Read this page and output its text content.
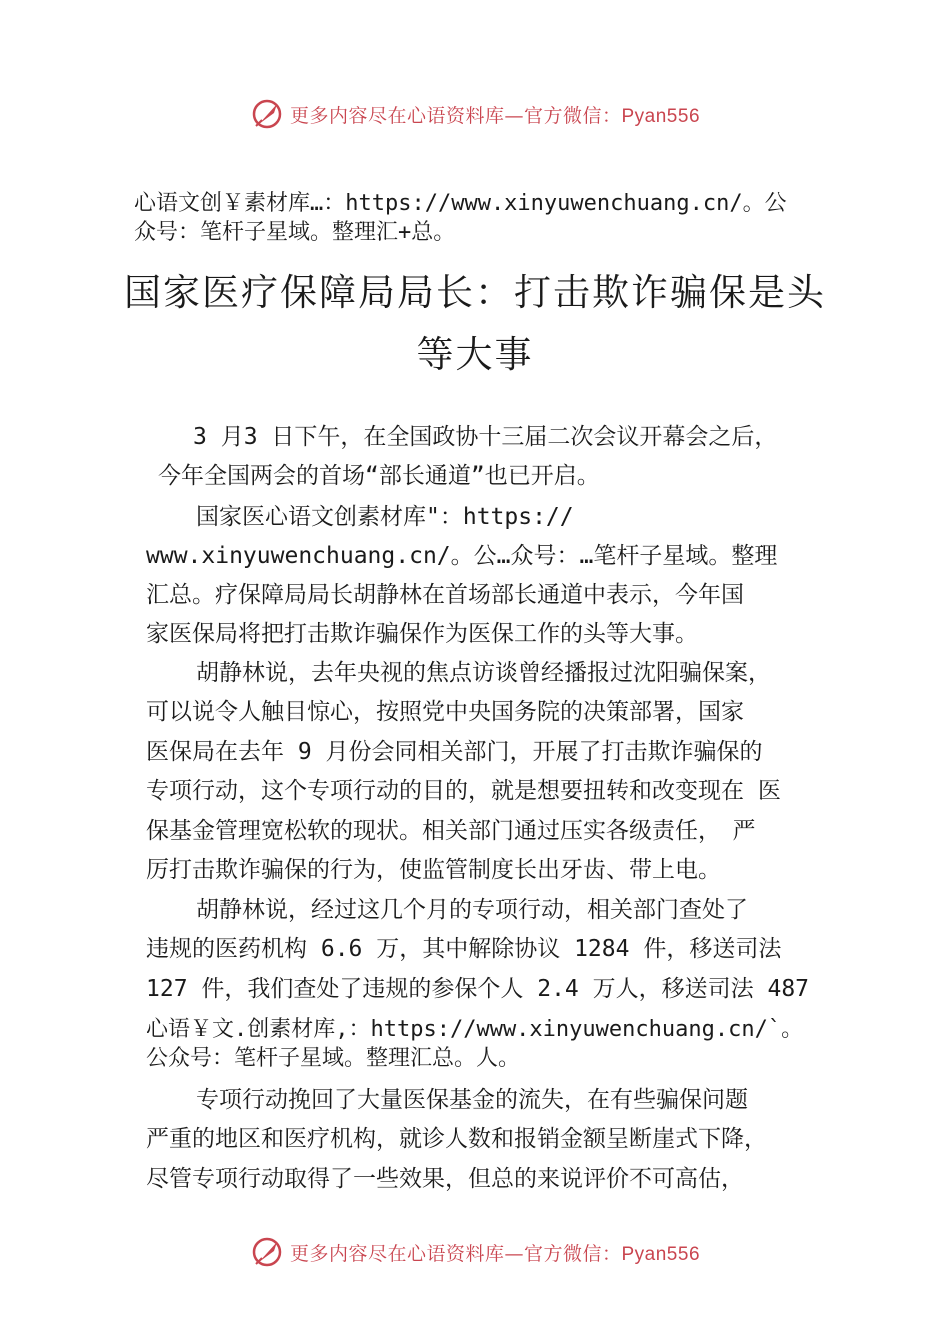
更多内容尽在心语资料库—官方微信：Pyan556
心语文创￥素材库…：https://www.xinyuwenchuang.cn/。公
众号：笔杆子星域。整理汇+总。
国家医疗保障局局长：打击欺诈骗保是头
等大事
　3 月3 日下午，在全国政协十三届二次会议开幕会之后，
今年全国两会的首场“部长通道”也已开启。
国家医心语文创素材库"：https://
www.xinyuwenchuang.cn/。公…众号：…笔杆子星域。整理
汇总。疗保障局局长胡静林在首场部长通道中表示，今年国
家医保局将把打击欺诈骗保作为医保工作的头等大事。
胡静林说，去年央视的焦点访谈曾经播报过沈阳骗保案，
可以说令人触目惊心，按照党中央国务院的决策部署，国家
医保局在去年 9 月份会同相关部门，开展了打击欺诈骗保的
专项行动，这个专项行动的目的，就是想要扭转和改变现在 医
保基金管理宽松软的现状。相关部门通过压实各级责任，　严
厉打击欺诈骗保的行为，使监管制度长出牙齿、带上电。
胡静林说，经过这几个月的专项行动，相关部门查处了
违规的医药机构 6.6 万，其中解除协议 1284 件，移送司法
127 件，我们查处了违规的参保个人 2.4 万人，移送司法 487
心语￥文.创素材库,：https://www.xinyuwenchuang.cn/`。
公众号：笔杆子星域。整理汇总。人。
专项行动挽回了大量医保基金的流失，在有些骗保问题
严重的地区和医疗机构，就诊人数和报销金额呈断崖式下降，
尽管专项行动取得了一些效果，但总的来说评价不可高估，
更多内容尽在心语资料库—官方微信：Pyan556
